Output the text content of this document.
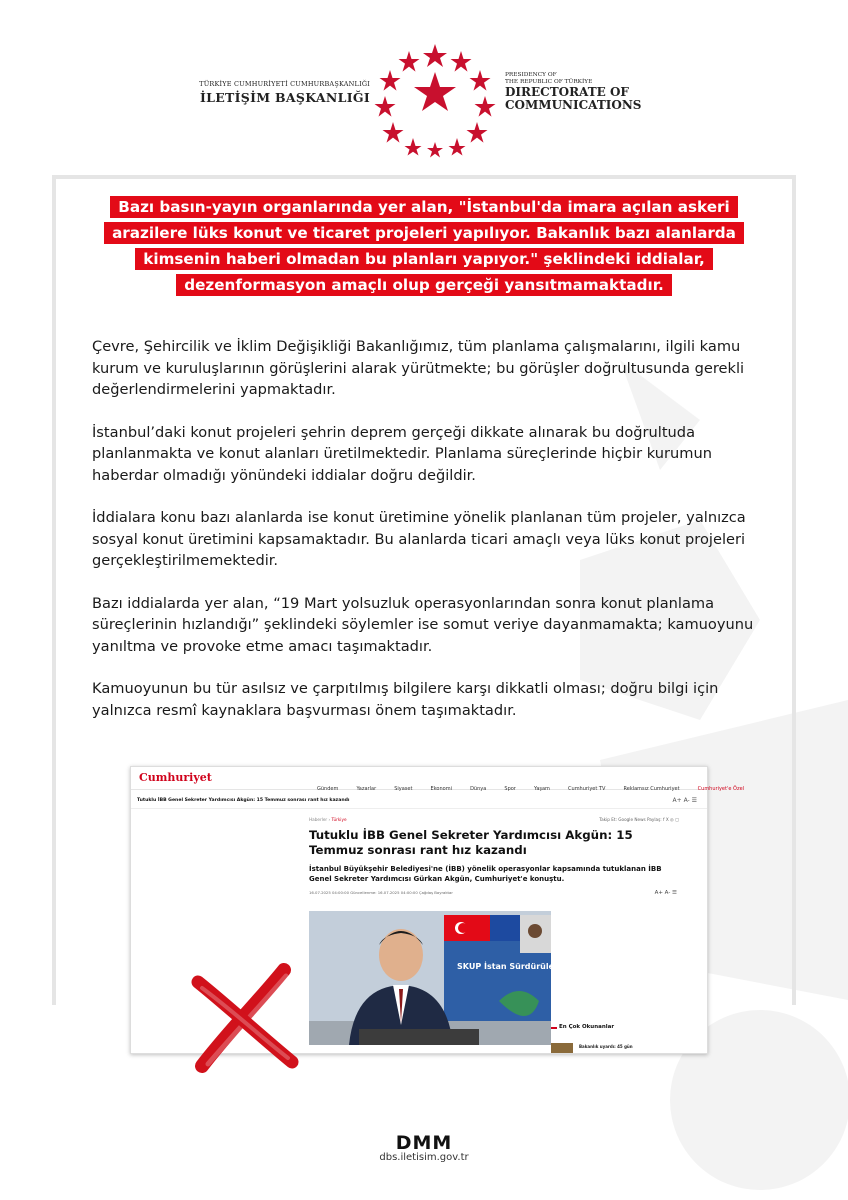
TÜRKİYE CUMHURİYETİ CUMHURBAŞKANLIĞI
İLETİŞİM BAŞKANLIĞI
PRESIDENCY OF
THE REPUBLIC OF TÜRKİYE
DIRECTORATE OF
COMMUNICATIONS
Bazı basın-yayın organlarında yer alan, "İstanbul'da imara açılan askeri
arazilere lüks konut ve ticaret projeleri yapılıyor. Bakanlık bazı alanlarda
kimsenin haberi olmadan bu planları yapıyor." şeklindeki iddialar,
dezenformasyon amaçlı olup gerçeği yansıtmamaktadır.

Çevre, Şehircilik ve İklim Değişikliği Bakanlığımız, tüm planlama çalışmalarını, ilgili kamu kurum ve kuruluşlarının görüşlerini alarak yürütmekte; bu görüşler doğrultusunda gerekli değerlendirmelerini yapmaktadır.

İstanbul’daki konut projeleri şehrin deprem gerçeği dikkate alınarak bu doğrultuda planlanmakta ve konut alanları üretilmektedir. Planlama süreçlerinde hiçbir kurumun haberdar olmadığı yönündeki iddialar doğru değildir.

İddialara konu bazı alanlarda ise konut üretimine yönelik planlanan tüm projeler, yalnızca sosyal konut üretimini kapsamaktadır. Bu alanlarda ticari amaçlı veya lüks konut projeleri gerçekleştirilmemektedir.

Bazı iddialarda yer alan, “19 Mart yolsuzluk operasyonlarından sonra konut planlama süreçlerinin hızlandığı” şeklindeki söylemler ise somut veriye dayanmamakta; kamuoyunu yanıltma ve provoke etme amacı taşımaktadır.

Kamuoyunun bu tür asılsız ve çarpıtılmış bilgilere karşı dikkatli olması; doğru bilgi için yalnızca resmî kaynaklara başvurması önem taşımaktadır.

Cumhuriyet
Gündem	Yazarlar	Siyaset	Ekonomi	Dünya	Spor	Yaşam	Cumhuriyet TV	Reklamsız Cumhuriyet	Cumhuriyet'e Özel
Tutuklu İBB Genel Sekreter Yardımcısı Akgün: 15 Temmuz sonrası rant hız kazandı	A+ A- ☰
Haberler › Türkiye	Takip Et: Google News Paylaş: f X ◎ ▢
Tutuklu İBB Genel Sekreter Yardımcısı Akgün: 15 Temmuz sonrası rant hız kazandı
İstanbul Büyükşehir Belediyesi'ne (İBB) yönelik operasyonlar kapsamında tutuklanan İBB Genel Sekreter Yardımcısı Gürkan Akgün, Cumhuriyet'e konuştu.
16.07.2025 04:00:00 Güncellenme: 16.07.2025 04:00:00 Çağdaş Bayraktar	A+ A- ☰
SKUP İstan Sürdürülebilir el Ulaşım Planı
En Çok Okunanlar
Bakanlık uyardı: 45 gün
DMM
dbs.iletisim.gov.tr
